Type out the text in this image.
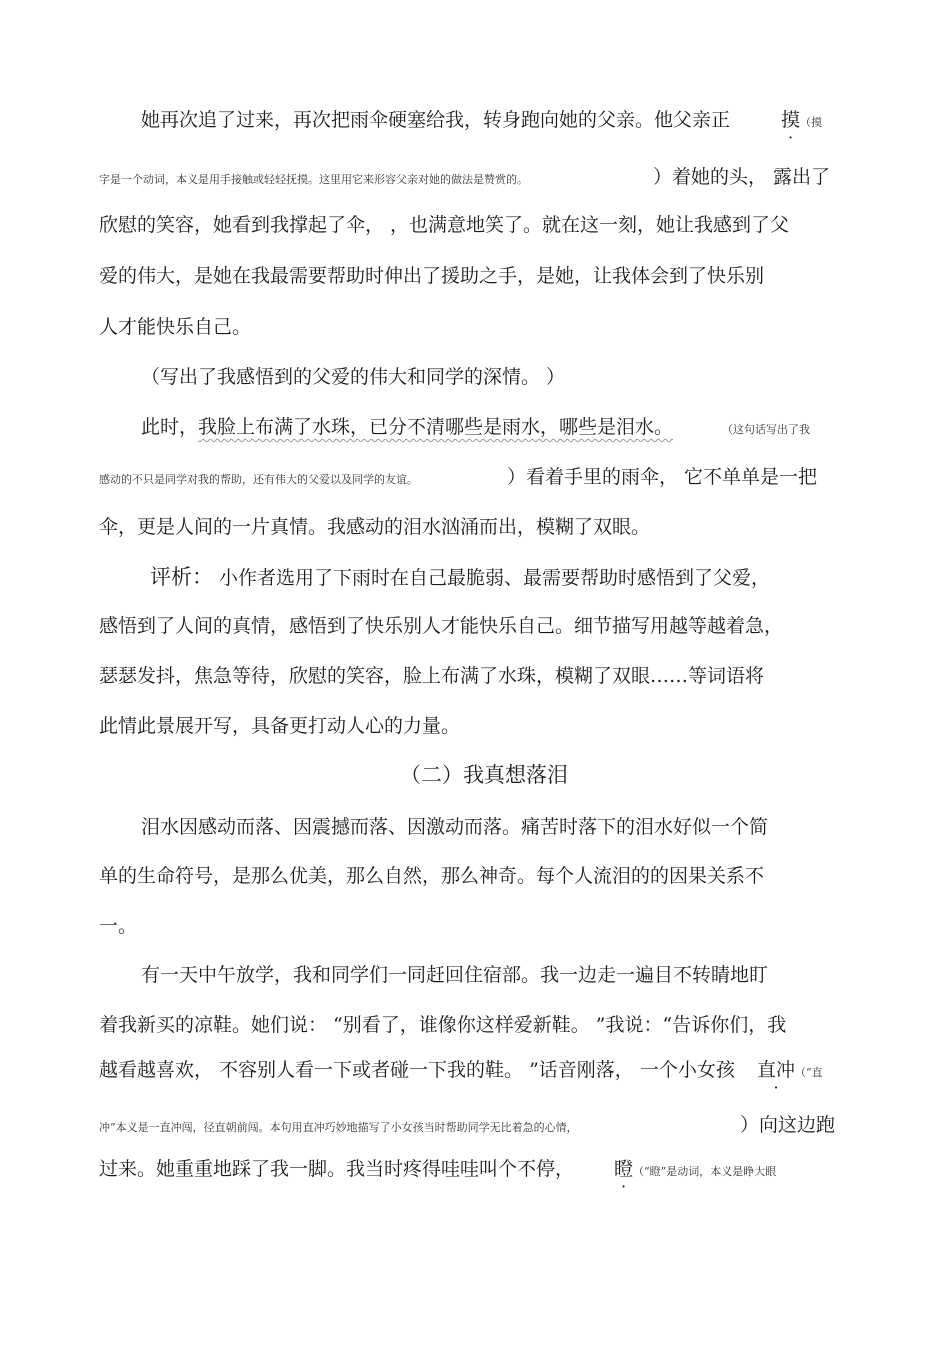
她再次追了过来，再次把雨伞硬塞给我，转身跑向她的父亲。他父亲正	摸（摸
字是一个动词，本义是用手接触或轻轻抚摸。这里用它来形容父亲对她的做法是赞赏的。	）着她的头， 露出了
欣慰的笑容，她看到我撑起了伞， ，也满意地笑了。就在这一刻，她让我感到了父
爱的伟大，是她在我最需要帮助时伸出了援助之手，是她，让我体会到了快乐别
人才能快乐自己。
（写出了我感悟到的父爱的伟大和同学的深情。 ）
此时，我脸上布满了水珠，已分不清哪些是雨水，哪些是泪水。	（这句话写出了我
感动的不只是同学对我的帮助，还有伟大的父爱以及同学的友谊。	）看着手里的雨伞， 它不单单是一把
伞，更是人间的一片真情。我感动的泪水汹涌而出，模糊了双眼。
评析： 小作者选用了下雨时在自己最脆弱、最需要帮助时感悟到了父爱，
感悟到了人间的真情，感悟到了快乐别人才能快乐自己。细节描写用越等越着急，
瑟瑟发抖，焦急等待，欣慰的笑容，脸上布满了水珠，模糊了双眼……等词语将
此情此景展开写，具备更打动人心的力量。
（二）我真想落泪
泪水因感动而落、因震撼而落、因激动而落。痛苦时落下的泪水好似一个简
单的生命符号，是那么优美，那么自然，那么神奇。每个人流泪的的因果关系不
一。
有一天中午放学，我和同学们一同赶回住宿部。我一边走一遍目不转睛地盯
着我新买的凉鞋。她们说： “别看了，谁像你这样爱新鞋。 ”我说：“告诉你们，我
越看越喜欢， 不容别人看一下或者碰一下我的鞋。 ”话音刚落， 一个小女孩 直冲（“直
冲”本义是一直冲闯，径直朝前闯。本句用直冲巧妙地描写了小女孩当时帮助同学无比着急的心情，	）向这边跑
过来。她重重地踩了我一脚。我当时疼得哇哇叫个不停， 瞪（“瞪”是动词，本义是睁大眼
